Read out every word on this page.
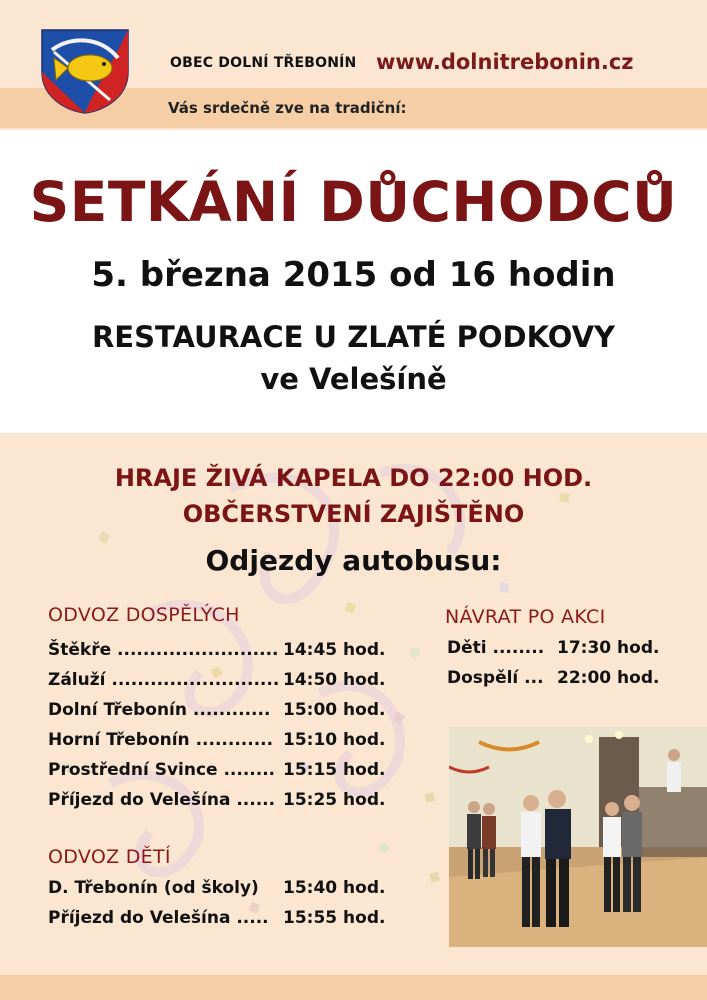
OBEC DOLNÍ TŘEBONÍN www.dolnitrebonin.cz
Vás srdečně zve na tradiční:
SETKÁNÍ DŮCHODCŮ
5. března 2015 od 16 hodin
RESTAURACE U ZLATÉ PODKOVY
ve Velešíně
HRAJE ŽIVÁ KAPELA DO 22:00 HOD.
OBČERSTVENÍ ZAJIŠTĚNO
Odjezdy autobusu:
ODVOZ DOSPĚLÝCH
Štěkře ......................... 14:45 hod.
Záluží .......................... 14:50 hod.
Dolní Třebonín ............ 15:00 hod.
Horní Třebonín ............ 15:10 hod.
Prostřední Svince ........ 15:15 hod.
Příjezd do Velešína ...... 15:25 hod.
ODVOZ DĚTÍ
D. Třebonín (od školy) 15:40 hod.
Příjezd do Velešína ..... 15:55 hod.
NÁVRAT PO AKCI
Děti ........ 17:30 hod.
Dospělí ... 22:00 hod.
